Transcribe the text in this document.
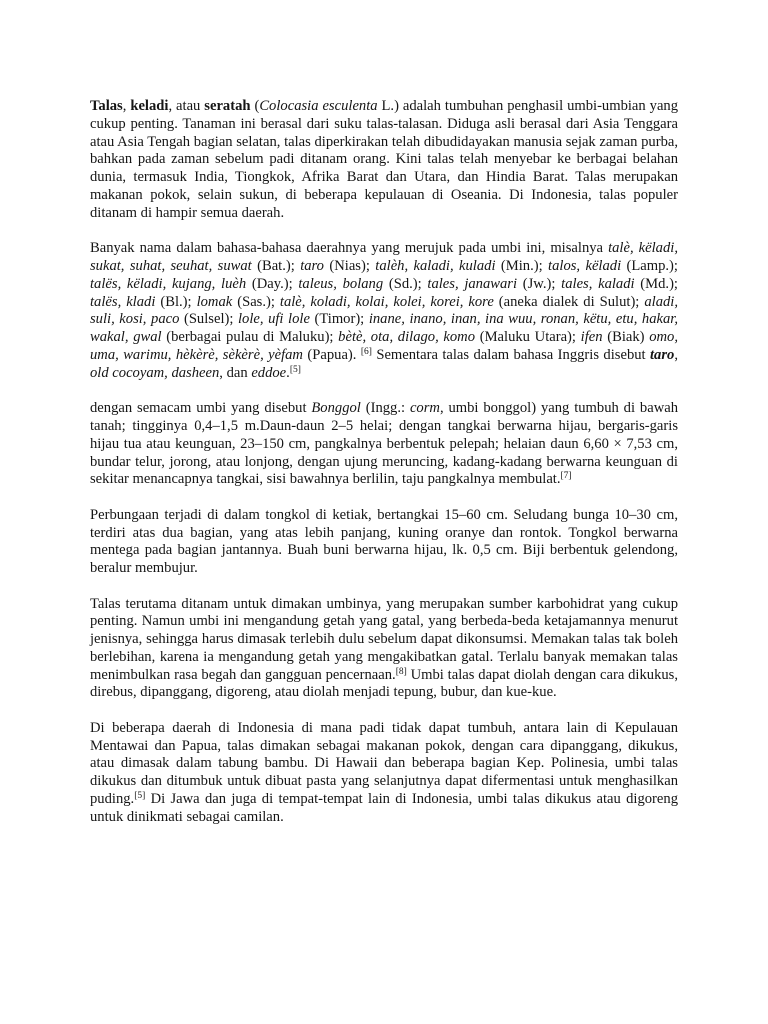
Talas, keladi, atau seratah (Colocasia esculenta L.) adalah tumbuhan penghasil umbi-umbian yang cukup penting. Tanaman ini berasal dari suku talas-talasan. Diduga asli berasal dari Asia Tenggara atau Asia Tengah bagian selatan, talas diperkirakan telah dibudidayakan manusia sejak zaman purba, bahkan pada zaman sebelum padi ditanam orang. Kini talas telah menyebar ke berbagai belahan dunia, termasuk India, Tiongkok, Afrika Barat dan Utara, dan Hindia Barat. Talas merupakan makanan pokok, selain sukun, di beberapa kepulauan di Oseania. Di Indonesia, talas populer ditanam di hampir semua daerah.

Banyak nama dalam bahasa-bahasa daerahnya yang merujuk pada umbi ini, misalnya talè, këladi, sukat, suhat, seuhat, suwat (Bat.); taro (Nias); talèh, kaladi, kuladi (Min.); talos, këladi (Lamp.); talës, këladi, kujang, luèh (Day.); taleus, bolang (Sd.); tales, janawari (Jw.); tales, kaladi (Md.); talës, kladi (Bl.); lomak (Sas.); talè, koladi, kolai, kolei, korei, kore (aneka dialek di Sulut); aladi, suli, kosi, paco (Sulsel); lole, ufi lole (Timor); inane, inano, inan, ina wuu, ronan, këtu, etu, hakar, wakal, gwal (berbagai pulau di Maluku); bètè, ota, dilago, komo (Maluku Utara); ifen (Biak) omo, uma, warimu, hèkèrè, sèkèrè, yèfam (Papua). [6] Sementara talas dalam bahasa Inggris disebut taro, old cocoyam, dasheen, dan eddoe.[5]

dengan semacam umbi yang disebut Bonggol (Ingg.: corm, umbi bonggol) yang tumbuh di bawah tanah; tingginya 0,4–1,5 m.Daun-daun 2–5 helai; dengan tangkai berwarna hijau, bergaris-garis hijau tua atau keunguan, 23–150 cm, pangkalnya berbentuk pelepah; helaian daun 6,60 × 7,53 cm, bundar telur, jorong, atau lonjong, dengan ujung meruncing, kadang-kadang berwarna keunguan di sekitar menancapnya tangkai, sisi bawahnya berlilin, taju pangkalnya membulat.[7]

Perbungaan terjadi di dalam tongkol di ketiak, bertangkai 15–60 cm. Seludang bunga 10–30 cm, terdiri atas dua bagian, yang atas lebih panjang, kuning oranye dan rontok. Tongkol berwarna mentega pada bagian jantannya. Buah buni berwarna hijau, lk. 0,5 cm. Biji berbentuk gelendong, beralur membujur.

Talas terutama ditanam untuk dimakan umbinya, yang merupakan sumber karbohidrat yang cukup penting. Namun umbi ini mengandung getah yang gatal, yang berbeda-beda ketajamannya menurut jenisnya, sehingga harus dimasak terlebih dulu sebelum dapat dikonsumsi. Memakan talas tak boleh berlebihan, karena ia mengandung getah yang mengakibatkan gatal. Terlalu banyak memakan talas menimbulkan rasa begah dan gangguan pencernaan.[8] Umbi talas dapat diolah dengan cara dikukus, direbus, dipanggang, digoreng, atau diolah menjadi tepung, bubur, dan kue-kue.

Di beberapa daerah di Indonesia di mana padi tidak dapat tumbuh, antara lain di Kepulauan Mentawai dan Papua, talas dimakan sebagai makanan pokok, dengan cara dipanggang, dikukus, atau dimasak dalam tabung bambu. Di Hawaii dan beberapa bagian Kep. Polinesia, umbi talas dikukus dan ditumbuk untuk dibuat pasta yang selanjutnya dapat difermentasi untuk menghasilkan puding.[5] Di Jawa dan juga di tempat-tempat lain di Indonesia, umbi talas dikukus atau digoreng untuk dinikmati sebagai camilan.
